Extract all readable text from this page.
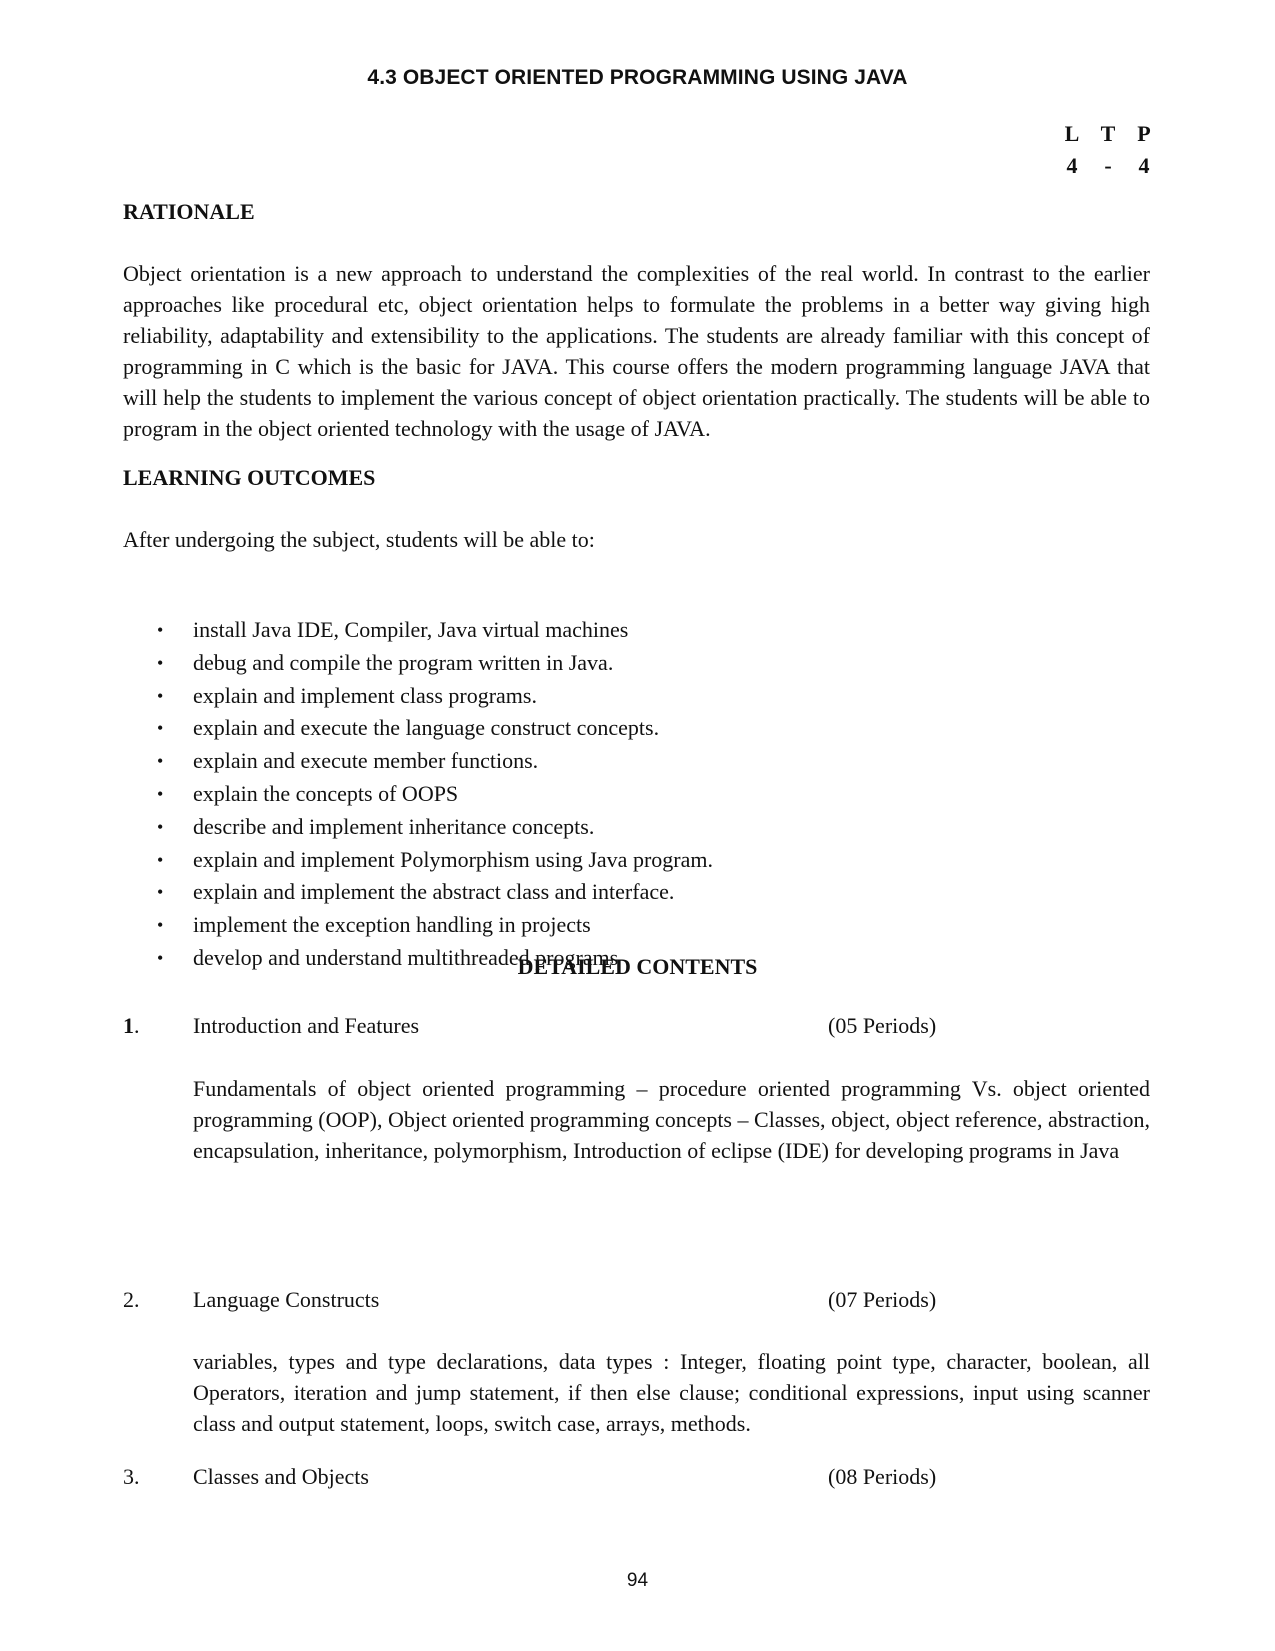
4.3 OBJECT ORIENTED PROGRAMMING USING JAVA
L T P
4 - 4
RATIONALE
Object orientation is a new approach to understand the complexities of the real world. In contrast to the earlier approaches like procedural etc, object orientation helps to formulate the problems in a better way giving high reliability, adaptability and extensibility to the applications. The students are already familiar with this concept of programming in C which is the basic for JAVA. This course offers the modern programming language JAVA that will help the students to implement the various concept of object orientation practically. The students will be able to program in the object oriented technology with the usage of JAVA.
LEARNING OUTCOMES
After undergoing the subject, students will be able to:
•	install Java IDE, Compiler, Java virtual machines
•	debug and compile the program written in Java.
•	explain and implement class programs.
•	explain and execute the language construct concepts.
•	explain and execute member functions.
•	explain the concepts of OOPS
•	describe and implement inheritance concepts.
•	explain and implement Polymorphism using Java program.
•	explain and implement the abstract class and interface.
•	implement the exception handling in projects
•	develop and understand multithreaded programs
DETAILED CONTENTS
1. Introduction and Features	(05 Periods)
Fundamentals of object oriented programming – procedure oriented programming Vs. object oriented programming (OOP), Object oriented programming concepts – Classes, object, object reference, abstraction, encapsulation, inheritance, polymorphism, Introduction of eclipse (IDE) for developing programs in Java
2. Language Constructs	(07 Periods)
variables, types and type declarations, data types : Integer, floating point type, character, boolean, all Operators, iteration and jump statement, if then else clause; conditional expressions, input using scanner class and output statement, loops, switch case, arrays, methods.
3. Classes and Objects	(08 Periods)
94
